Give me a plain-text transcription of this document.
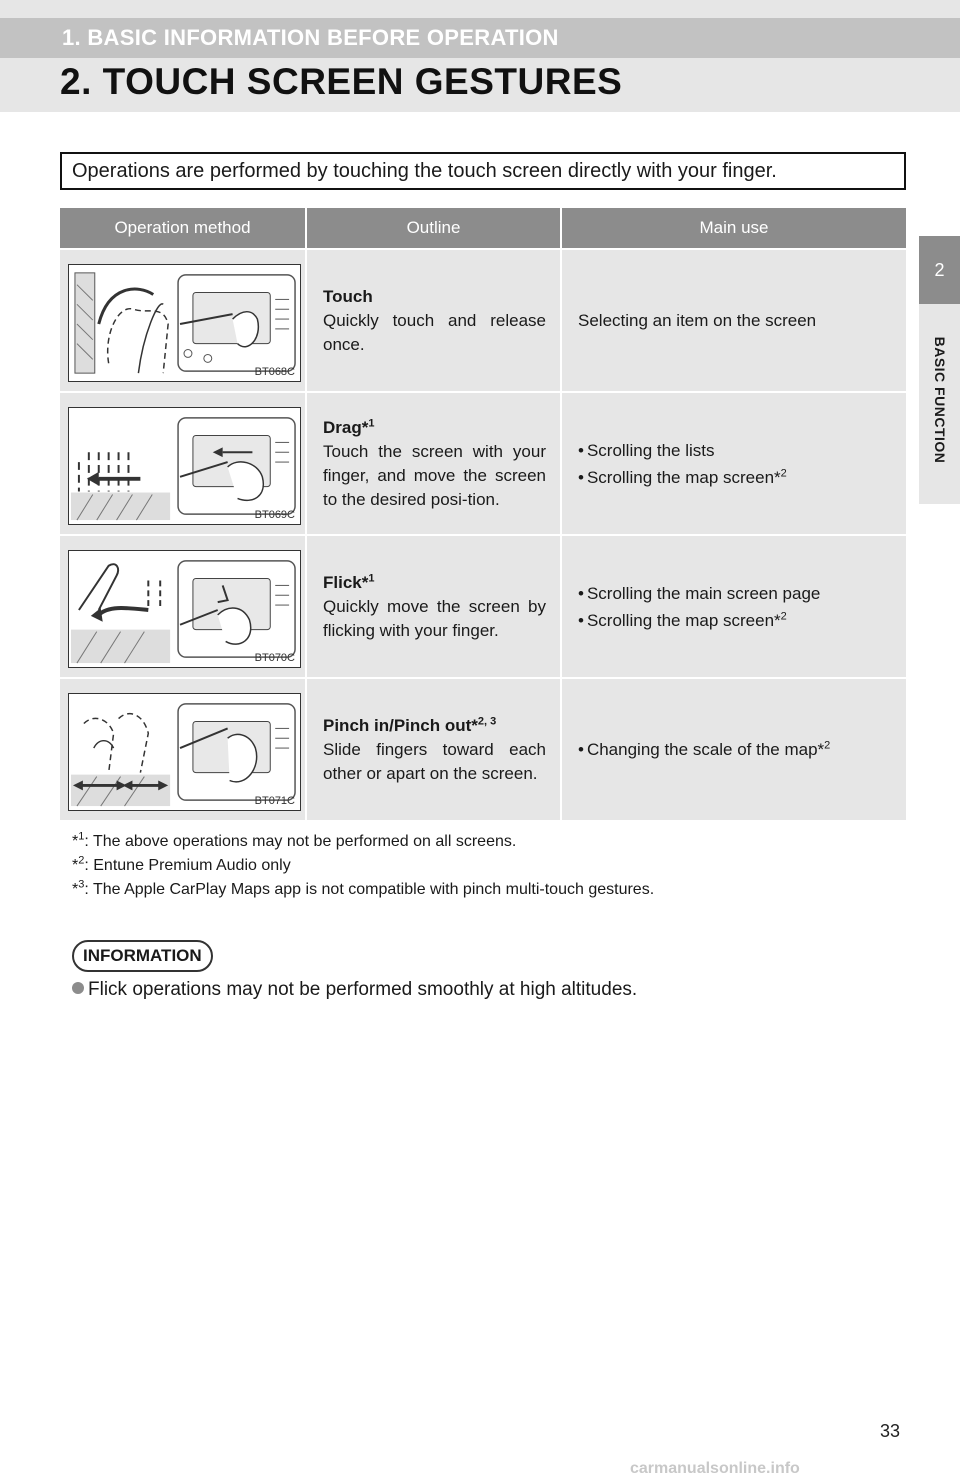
1. BASIC INFORMATION BEFORE OPERATION
2. TOUCH SCREEN GESTURES
2
BASIC FUNCTION
Operations are performed by touching the touch screen directly with your finger.
Operation method	Outline	Main use
BT068C
Touch
Quickly touch and release once.
Selecting an item on the screen
BT069C
Drag*$^1$
Touch the screen with your finger, and move the screen to the desired posi-tion.
• Scrolling the lists
• Scrolling the map screen*$^2$
BT070C
Flick*$^1$
Quickly move the screen by flicking with your finger.
• Scrolling the main screen page
• Scrolling the map screen*$^2$
BT071C
Pinch in/Pinch out*$^{2, 3}$
Slide fingers toward each other or apart on the screen.
• Changing the scale of the map*$^2$
*$^1$: The above operations may not be performed on all screens.
*$^2$: Entune Premium Audio only
*$^3$: The Apple CarPlay Maps app is not compatible with pinch multi-touch gestures.
INFORMATION
Flick operations may not be performed smoothly at high altitudes.
33
carmanualsonline.info
